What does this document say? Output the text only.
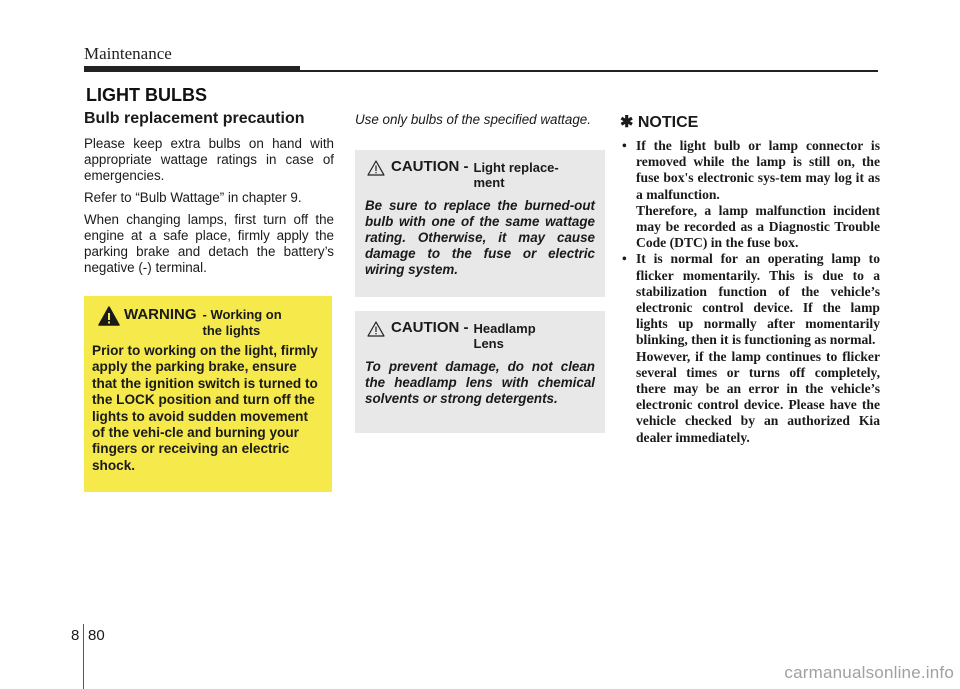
Maintenance
LIGHT BULBS
Bulb replacement precaution

Please keep extra bulbs on hand with appropriate wattage ratings in case of emergencies.

Refer to “Bulb Wattage” in chapter 9.

When changing lamps, first turn off the engine at a safe place, firmly apply the parking brake and detach the battery’s negative (-) terminal.

WARNING - Working on the lights
Prior to working on the light, firmly apply the parking brake, ensure that the ignition switch is turned to the LOCK position and turn off the lights to avoid sudden movement of the vehi-cle and burning your fingers or receiving an electric shock.
Use only bulbs of the specified wattage.
CAUTION - Light replace-ment
Be sure to replace the burned-out bulb with one of the same wattage rating. Otherwise, it may cause damage to the fuse or electric wiring system.
CAUTION - Headlamp Lens
To prevent damage, do not clean the headlamp lens with chemical solvents or strong detergents.
✱ NOTICE
• If the light bulb or lamp connector is removed while the lamp is still on, the fuse box's electronic sys-tem may log it as a malfunction.
Therefore, a lamp malfunction incident may be recorded as a Diagnostic Trouble Code (DTC) in the fuse box.
• It is normal for an operating lamp to flicker momentarily. This is due to a stabilization function of the vehicle’s electronic control device. If the lamp lights up normally after momentarily blinking, then it is functioning as normal.
However, if the lamp continues to flicker several times or turns off completely, there may be an error in the vehicle’s electronic control device. Please have the vehicle checked by an authorized Kia dealer immediately.
8 80
carmanualsonline.info
